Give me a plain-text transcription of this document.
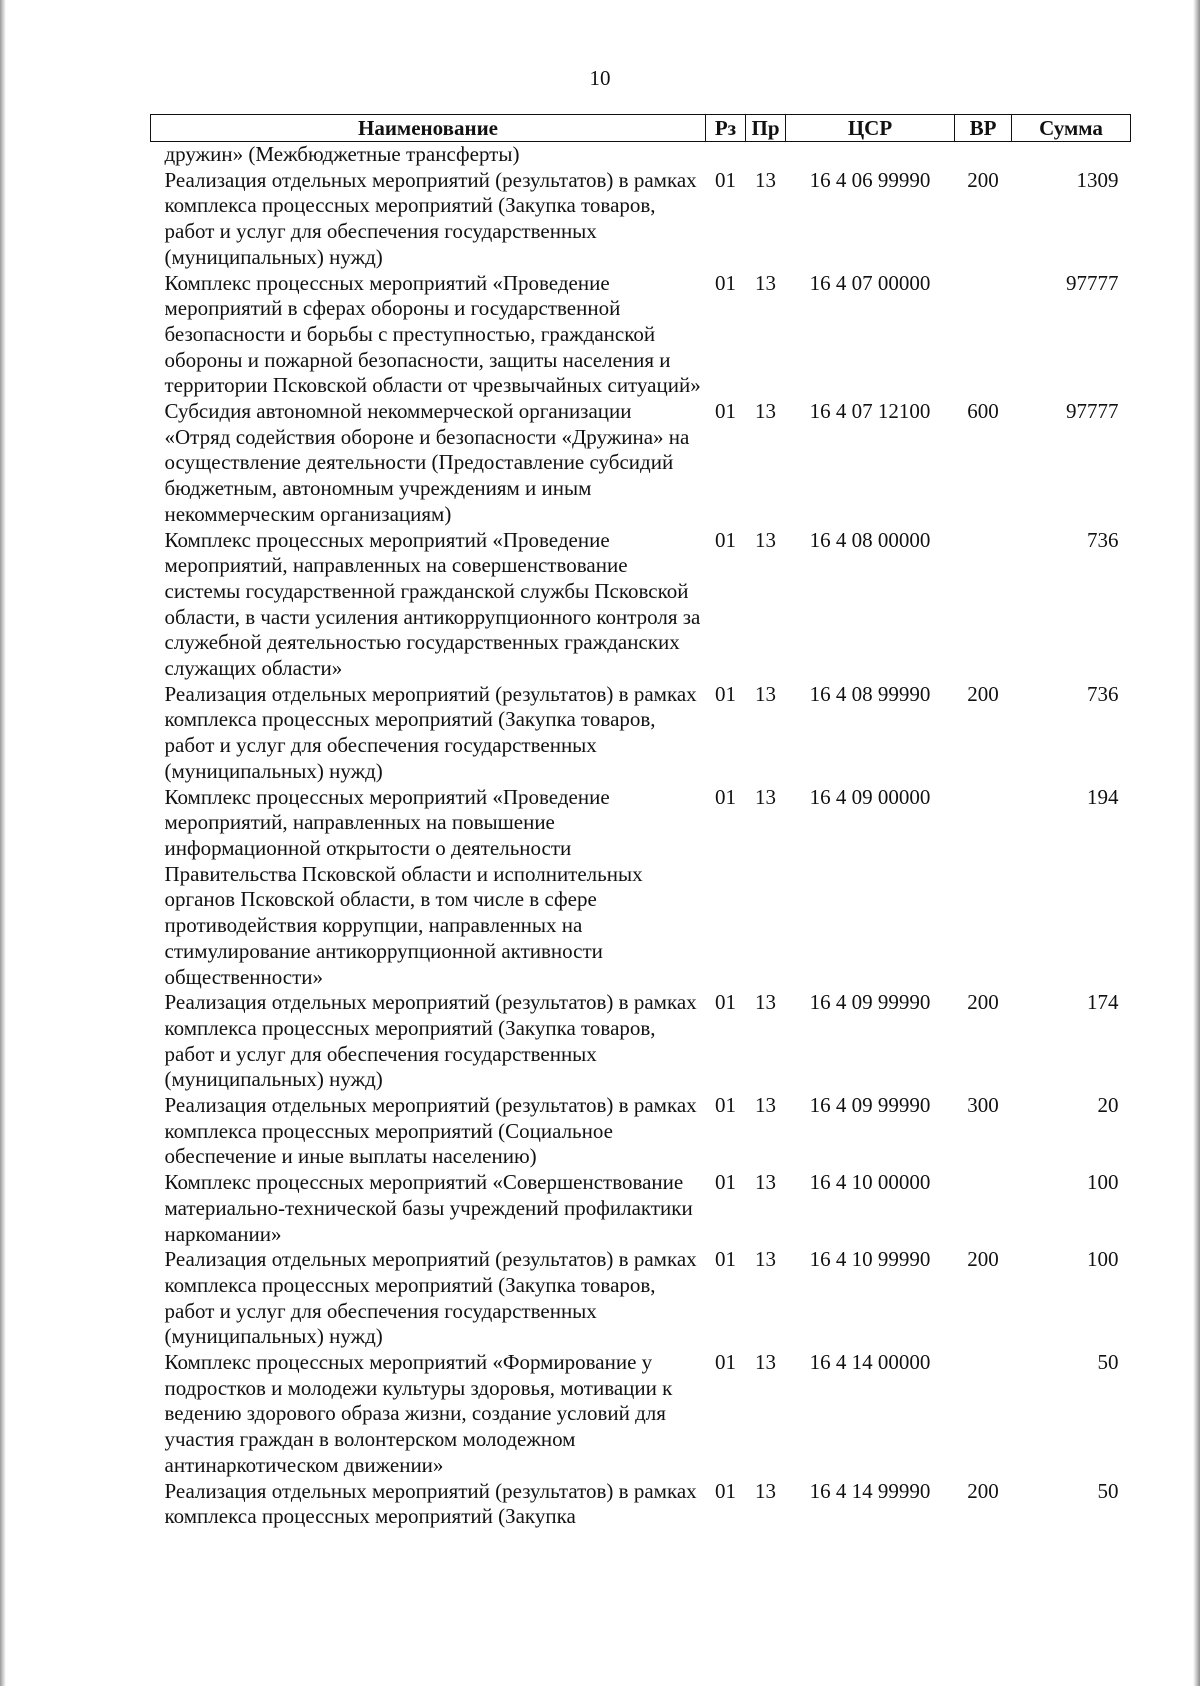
10
Наименование	Рз	Пр	ЦСР	ВР	Сумма
дружин» (Межбюджетные трансферты)					
Реализация отдельных мероприятий (результатов) в рамках комплекса процессных мероприятий (Закупка товаров, работ и услуг для обеспечения государственных (муниципальных) нужд)	01	13	16 4 06 99990	200	1309
Комплекс процессных мероприятий «Проведение мероприятий в сферах обороны и государственной безопасности и борьбы с преступностью, гражданской обороны и пожарной безопасности, защиты населения и территории Псковской области от чрезвычайных ситуаций»	01	13	16 4 07 00000		97777
Субсидия автономной некоммерческой организации «Отряд содействия обороне и безопасности «Дружина» на осуществление деятельности (Предоставление субсидий бюджетным, автономным учреждениям и иным некоммерческим организациям)	01	13	16 4 07 12100	600	97777
Комплекс процессных мероприятий «Проведение мероприятий, направленных на совершенствование системы государственной гражданской службы Псковской области, в части усиления антикоррупционного контроля за служебной деятельностью государственных гражданских служащих области»	01	13	16 4 08 00000		736
Реализация отдельных мероприятий (результатов) в рамках комплекса процессных мероприятий (Закупка товаров, работ и услуг для обеспечения государственных (муниципальных) нужд)	01	13	16 4 08 99990	200	736
Комплекс процессных мероприятий «Проведение мероприятий, направленных на повышение информационной открытости о деятельности Правительства Псковской области и исполнительных органов Псковской области, в том числе в сфере противодействия коррупции, направленных на стимулирование антикоррупционной активности общественности»	01	13	16 4 09 00000		194
Реализация отдельных мероприятий (результатов) в рамках комплекса процессных мероприятий (Закупка товаров, работ и услуг для обеспечения государственных (муниципальных) нужд)	01	13	16 4 09 99990	200	174
Реализация отдельных мероприятий (результатов) в рамках комплекса процессных мероприятий (Социальное обеспечение и иные выплаты населению)	01	13	16 4 09 99990	300	20
Комплекс процессных мероприятий «Совершенствование материально-технической базы учреждений профилактики наркомании»	01	13	16 4 10 00000		100
Реализация отдельных мероприятий (результатов) в рамках комплекса процессных мероприятий (Закупка товаров, работ и услуг для обеспечения государственных (муниципальных) нужд)	01	13	16 4 10 99990	200	100
Комплекс процессных мероприятий «Формирование у подростков и молодежи культуры здоровья, мотивации к ведению здорового образа жизни, создание условий для участия граждан в волонтерском молодежном антинаркотическом движении»	01	13	16 4 14 00000		50
Реализация отдельных мероприятий (результатов) в рамках комплекса процессных мероприятий (Закупка	01	13	16 4 14 99990	200	50
